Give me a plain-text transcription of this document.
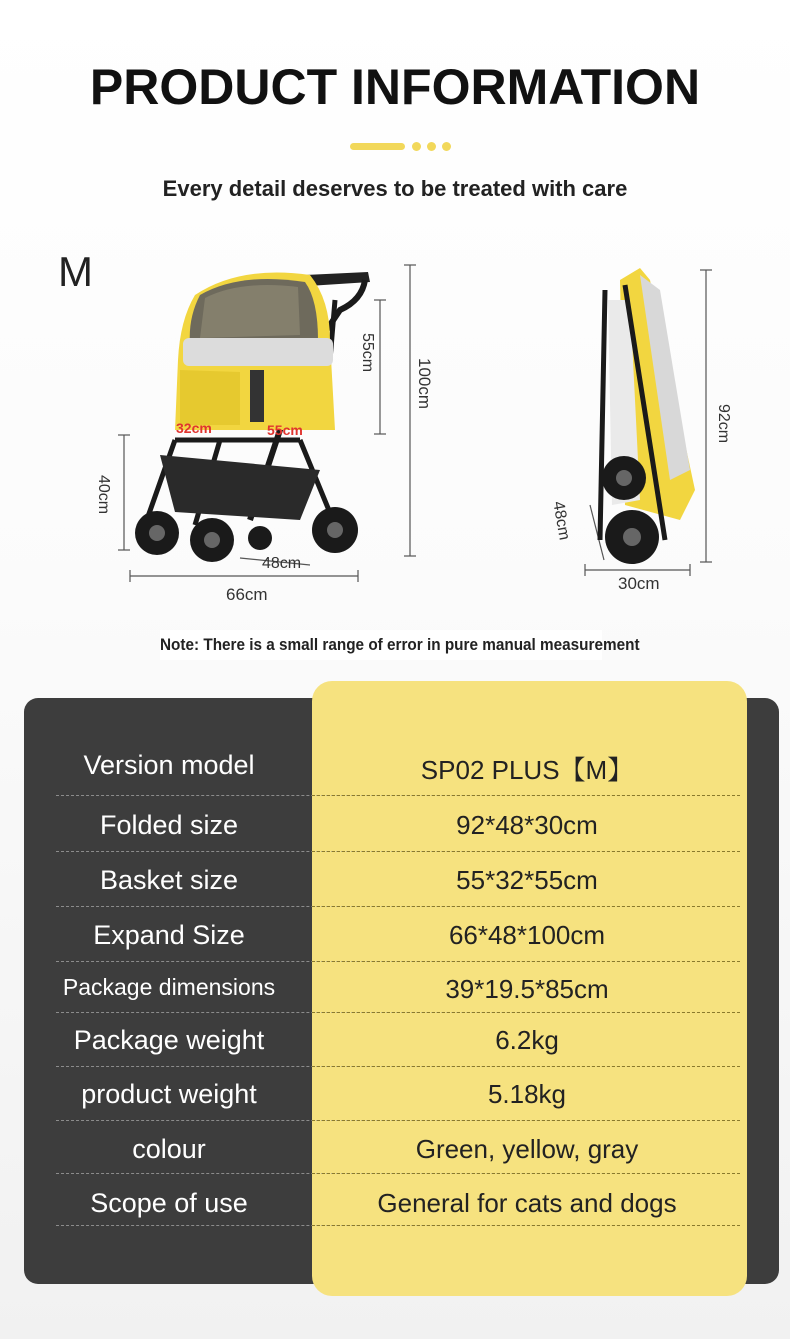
PRODUCT INFORMATION
Every detail deserves to be treated with care
M
55cm
100cm
40cm
32cm	55cm
48cm
66cm
92cm
48cm
30cm
Note: There is a small range of error in pure manual measurement
Version model	SP02 PLUS【M】
Folded size	92*48*30cm
Basket size	55*32*55cm
Expand Size	66*48*100cm
Package dimensions	39*19.5*85cm
Package weight	6.2kg
product weight	5.18kg
colour	Green, yellow, gray
Scope of use	General for cats and dogs
